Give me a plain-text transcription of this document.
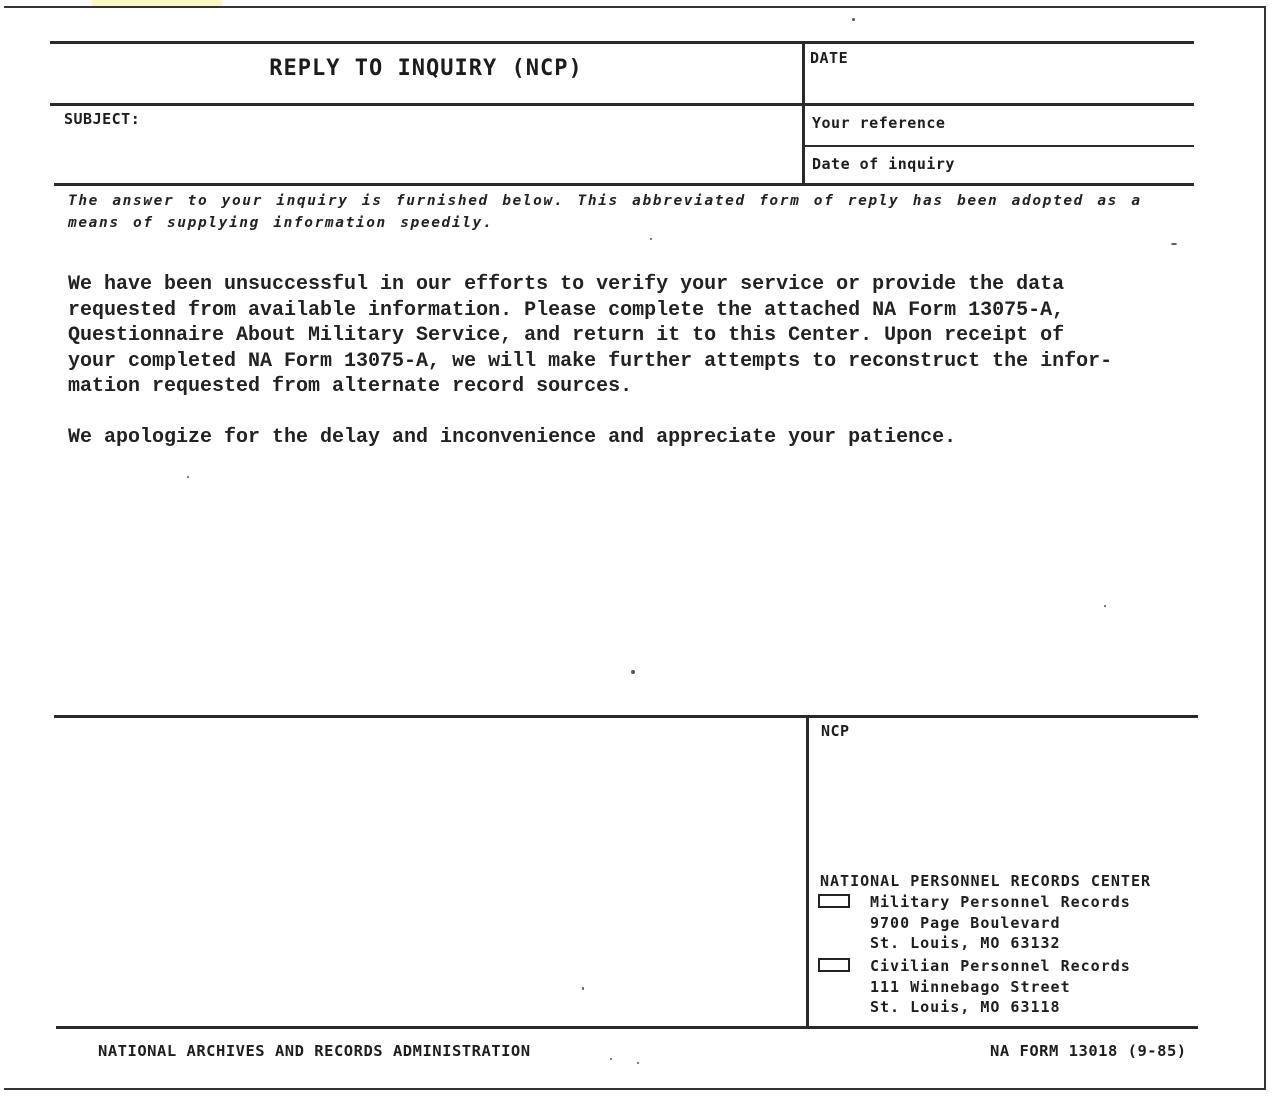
REPLY TO INQUIRY (NCP)	DATE
SUBJECT:	Your reference
Date of inquiry
The answer to your inquiry is furnished below. This abbreviated form of reply has been adopted as a
means of supplying information speedily.
We have been unsuccessful in our efforts to verify your service or provide the data
requested from available information. Please complete the attached NA Form 13075-A,
Questionnaire About Military Service, and return it to this Center. Upon receipt of
your completed NA Form 13075-A, we will make further attempts to reconstruct the infor-
mation requested from alternate record sources.
We apologize for the delay and inconvenience and appreciate your patience.
NCP
NATIONAL PERSONNEL RECORDS CENTER
Military Personnel Records
9700 Page Boulevard
St. Louis, MO 63132
Civilian Personnel Records
111 Winnebago Street
St. Louis, MO 63118
NATIONAL ARCHIVES AND RECORDS ADMINISTRATION	NA FORM 13018 (9-85)
